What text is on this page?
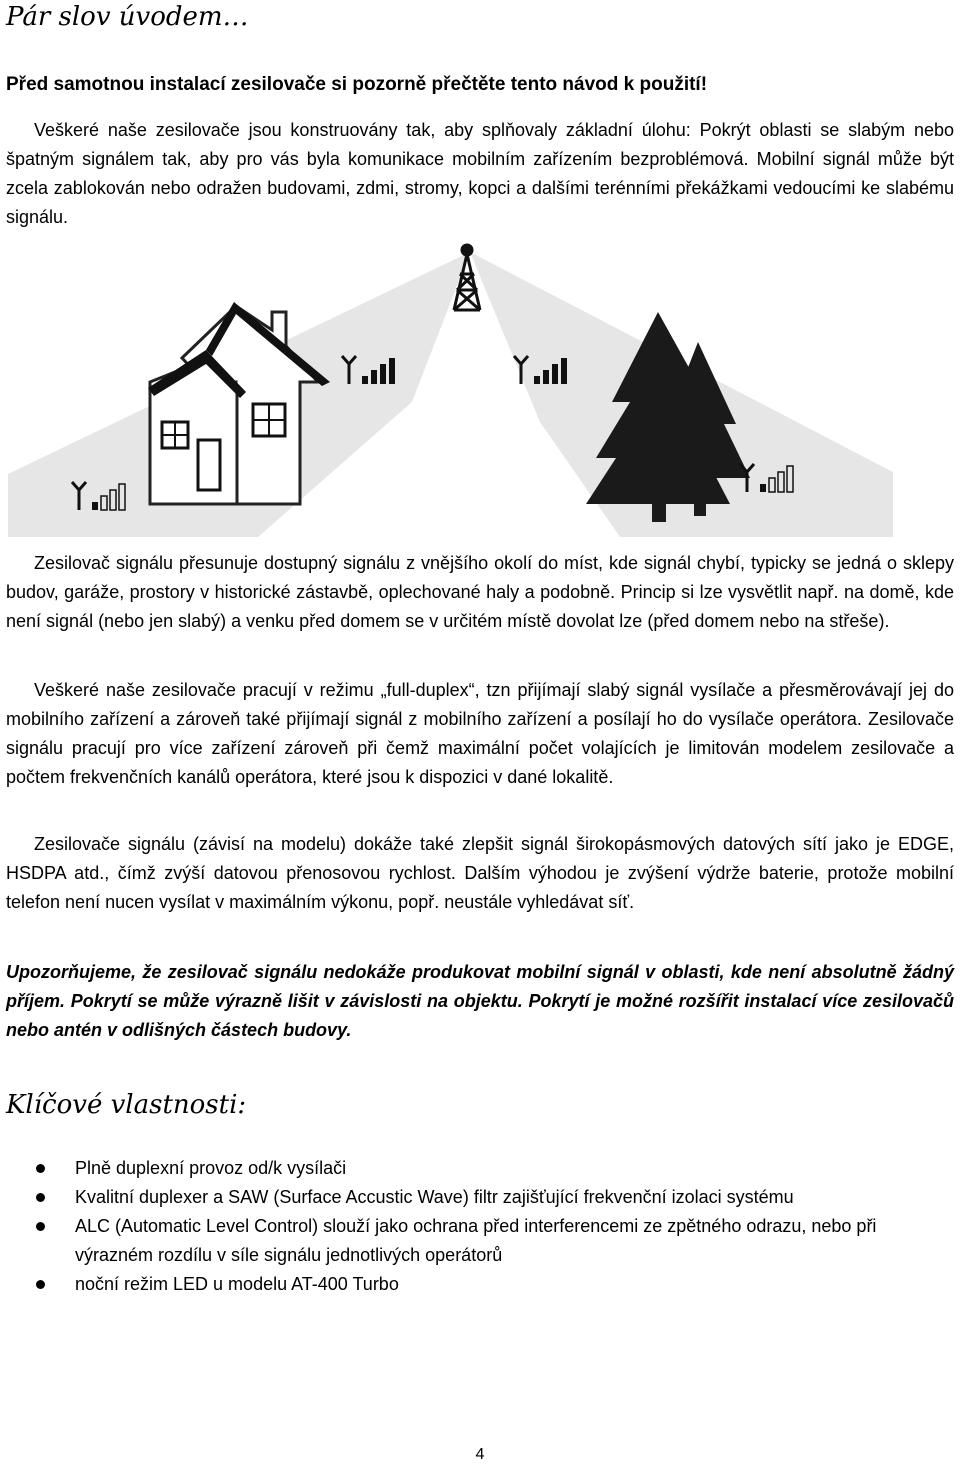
Pár slov úvodem…

Před samotnou instalací zesilovače si pozorně přečtěte tento návod k použití!

Veškeré naše zesilovače jsou konstruovány tak, aby splňovaly základní úlohu: Pokrýt oblasti se slabým nebo špatným signálem tak, aby pro vás byla komunikace mobilním zařízením bezproblémová. Mobilní signál může být zcela zablokován nebo odražen budovami, zdmi, stromy, kopci a dalšími terénními překážkami vedoucími ke slabému signálu.

Zesilovač signálu přesunuje dostupný signálu z vnějšího okolí do míst, kde signál chybí, typicky se jedná o sklepy budov, garáže, prostory v historické zástavbě, oplechované haly a podobně. Princip si lze vysvětlit např. na domě, kde není signál (nebo jen slabý) a venku před domem se v určitém místě dovolat lze (před domem nebo na střeše).

Veškeré naše zesilovače pracují v režimu „full-duplex“, tzn přijímají slabý signál vysílače a přesměrovávají jej do mobilního zařízení a zároveň také přijímají signál z mobilního zařízení a posílají ho do vysílače operátora. Zesilovače signálu pracují pro více zařízení zároveň při čemž maximální počet volajících je limitován modelem zesilovače a počtem frekvenčních kanálů operátora, které jsou k dispozici v dané lokalitě.

Zesilovače signálu (závisí na modelu) dokáže také zlepšit signál širokopásmových datových sítí jako je EDGE, HSDPA atd., čímž zvýší datovou přenosovou rychlost. Dalším výhodou je zvýšení výdrže baterie, protože mobilní telefon není nucen vysílat v maximálním výkonu, popř. neustále vyhledávat síť.

Upozorňujeme, že zesilovač signálu nedokáže produkovat mobilní signál v oblasti, kde není absolutně žádný příjem. Pokrytí se může výrazně lišit v závislosti na objektu. Pokrytí je možné rozšířit instalací více zesilovačů nebo antén v odlišných částech budovy.

Klíčové vlastnosti:
Plně duplexní provoz od/k vysílači
Kvalitní duplexer a SAW (Surface Accustic Wave) filtr zajišťující frekvenční izolaci systému
ALC (Automatic Level Control) slouží jako ochrana před interferencemi ze zpětného odrazu, nebo při výrazném rozdílu v síle signálu jednotlivých operátorů
noční režim LED u modelu AT-400 Turbo
4
